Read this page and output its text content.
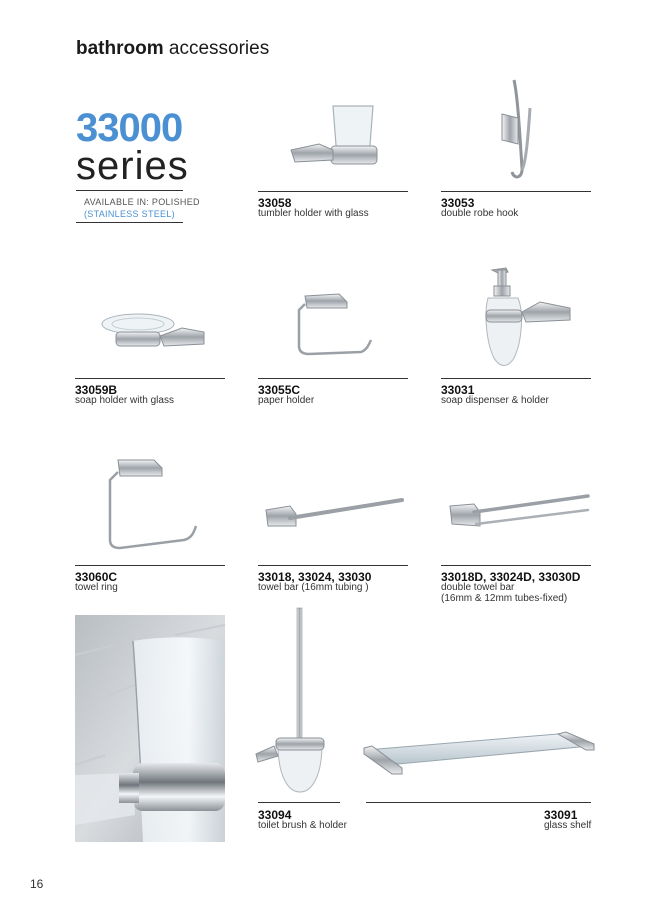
bathroom accessories
33000
series
AVAILABLE IN: POLISHED
(STAINLESS STEEL)
33058
tumbler holder with glass
33053
double robe hook
33059B
soap holder with glass
33055C
paper holder
33031
soap dispenser & holder
33060C
towel ring
33018, 33024, 33030
towel bar (16mm tubing )
33018D, 33024D, 33030D
double towel bar
(16mm & 12mm tubes-fixed)
33094
toilet brush & holder
33091
glass shelf
16
